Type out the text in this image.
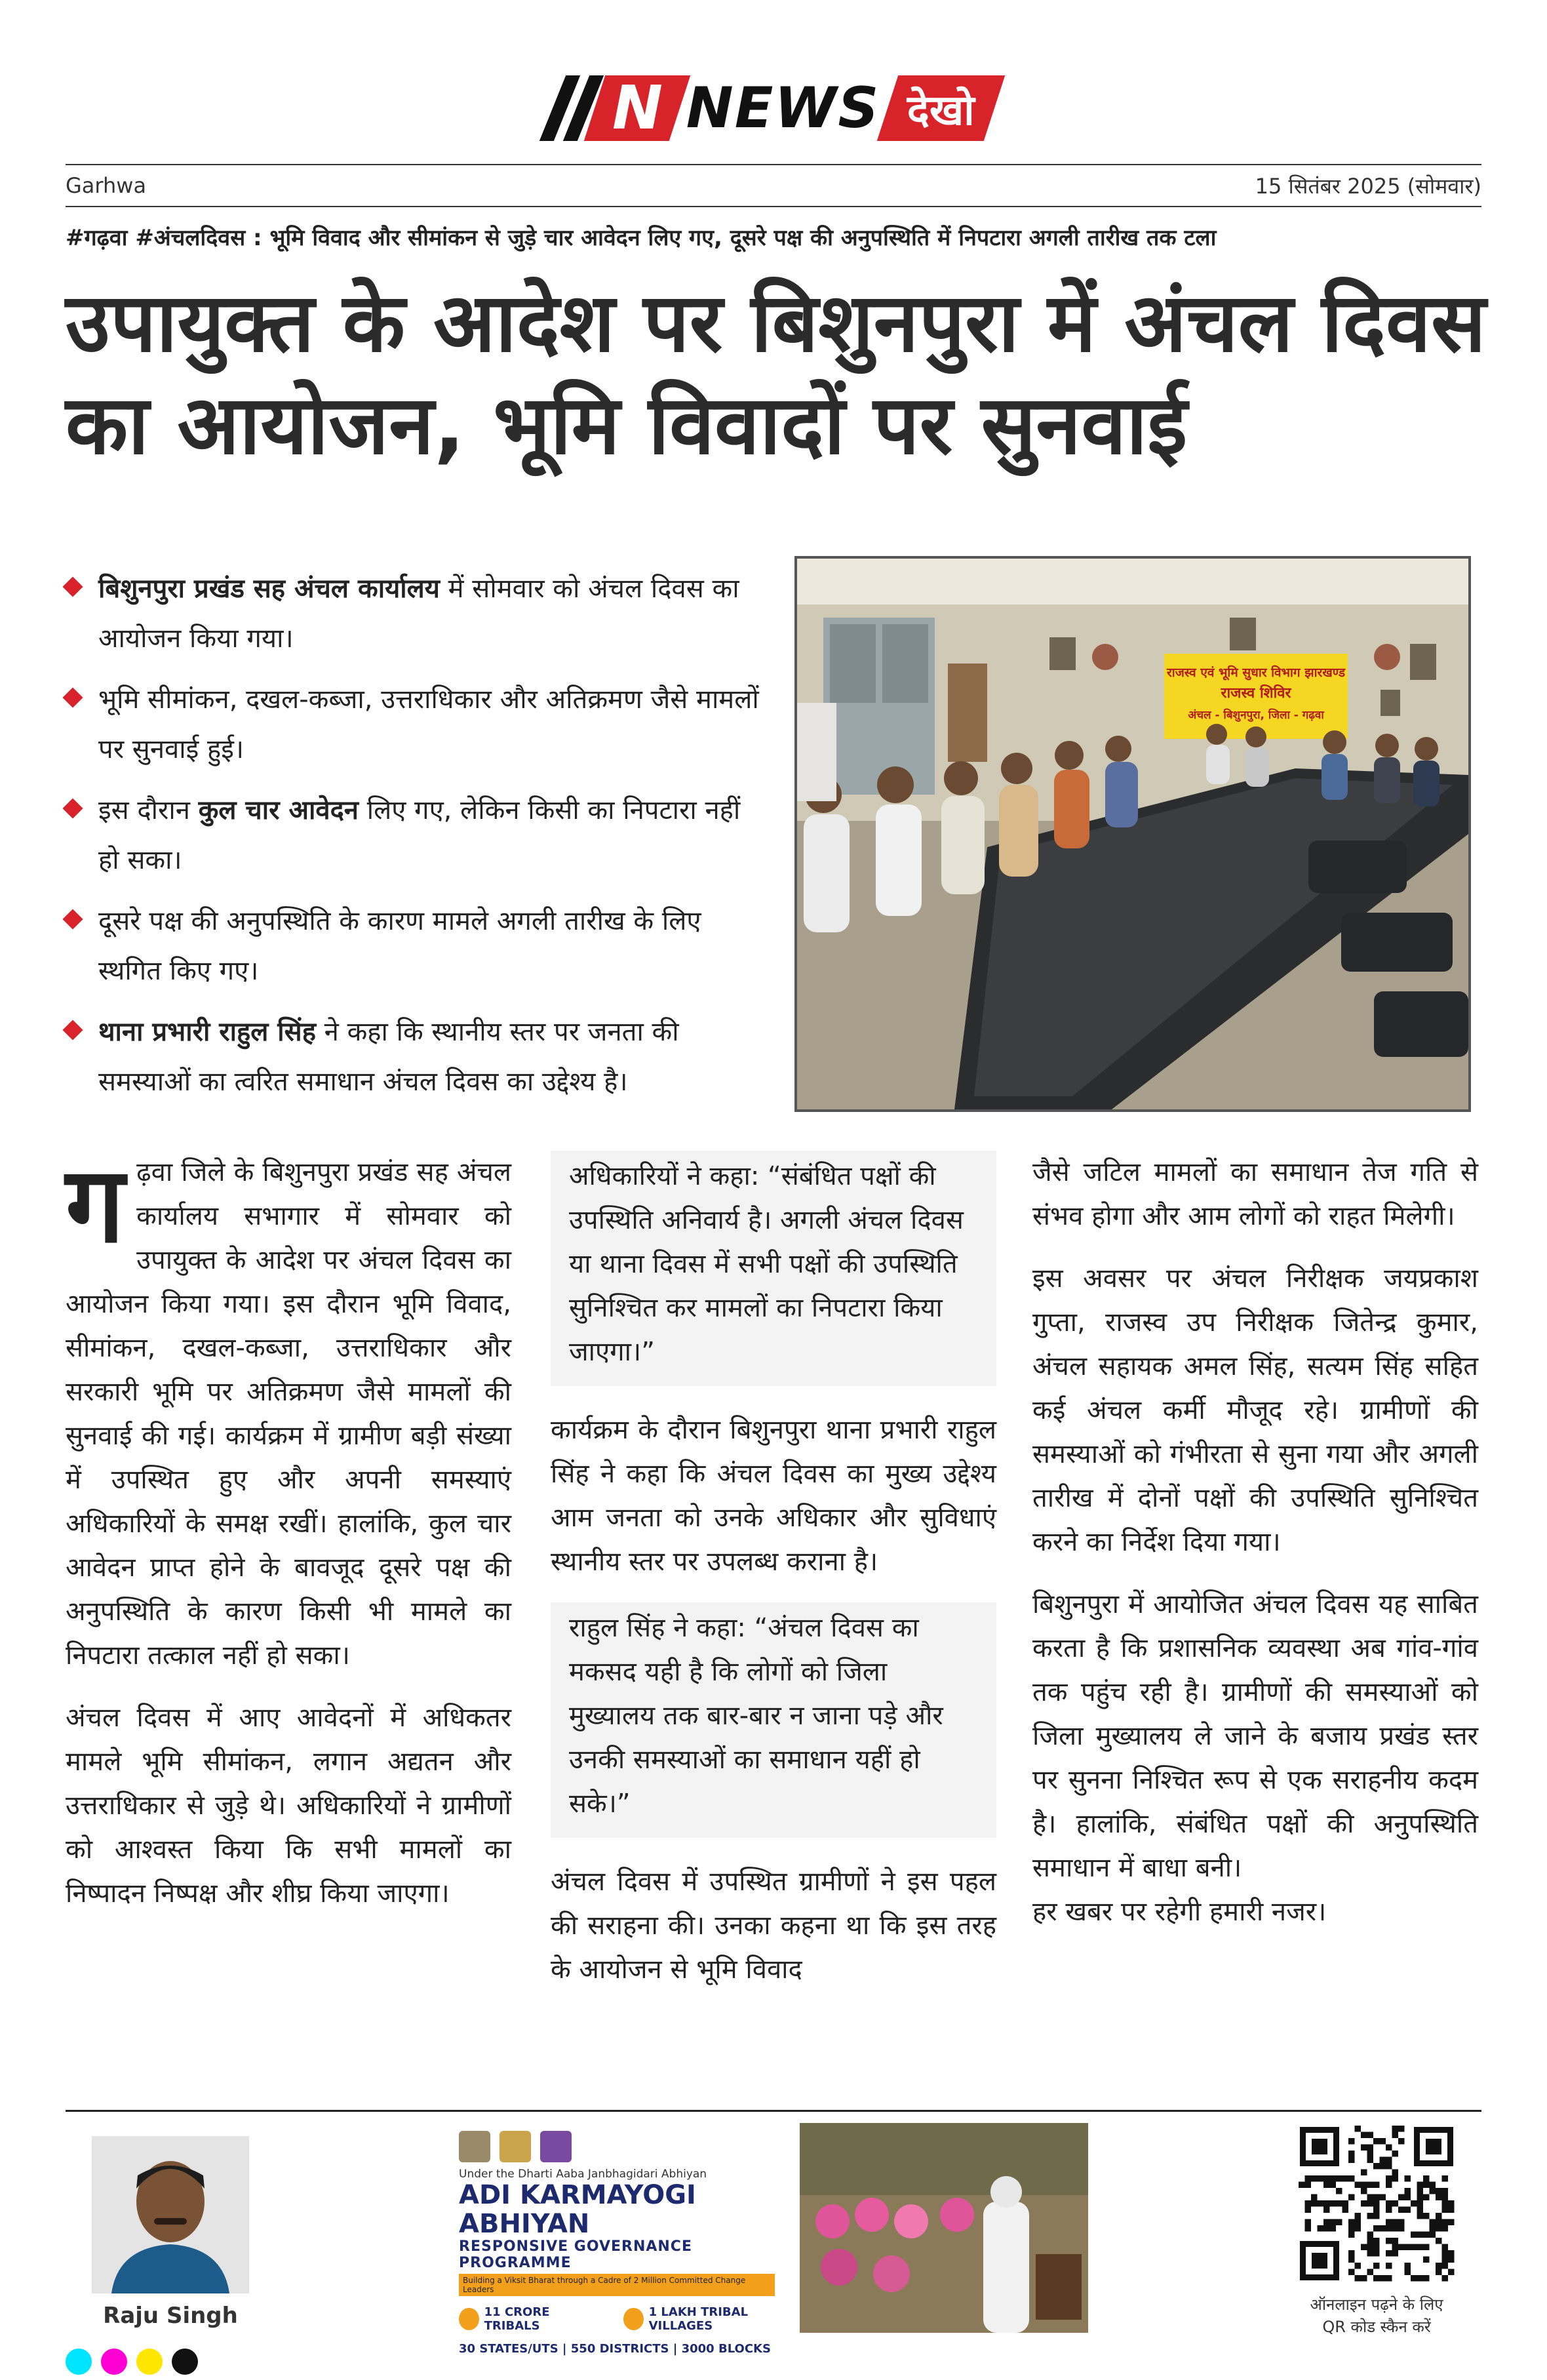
N NEWS देखो
Garhwa	15 सितंबर 2025 (सोमवार)
#गढ़वा #अंचलदिवस : भूमि विवाद और सीमांकन से जुड़े चार आवेदन लिए गए, दूसरे पक्ष की अनुपस्थिति में निपटारा अगली तारीख तक टला
उपायुक्त के आदेश पर बिशुनपुरा में अंचल दिवस का आयोजन, भूमि विवादों पर सुनवाई
बिशुनपुरा प्रखंड सह अंचल कार्यालय में सोमवार को अंचल दिवस का आयोजन किया गया।
भूमि सीमांकन, दखल-कब्जा, उत्तराधिकार और अतिक्रमण जैसे मामलों पर सुनवाई हुई।
इस दौरान कुल चार आवेदन लिए गए, लेकिन किसी का निपटारा नहीं हो सका।
दूसरे पक्ष की अनुपस्थिति के कारण मामले अगली तारीख के लिए स्थगित किए गए।
थाना प्रभारी राहुल सिंह ने कहा कि स्थानीय स्तर पर जनता की समस्याओं का त्वरित समाधान अंचल दिवस का उद्देश्य है।
राजस्व एवं भूमि सुधार विभाग झारखण्ड
राजस्व शिविर
अंचल - बिशुनपुरा, जिला - गढ़वा

गढ़वा जिले के बिशुनपुरा प्रखंड सह अंचल कार्यालय सभागार में सोमवार को उपायुक्त के आदेश पर अंचल दिवस का आयोजन किया गया। इस दौरान भूमि विवाद, सीमांकन, दखल-कब्जा, उत्तराधिकार और सरकारी भूमि पर अतिक्रमण जैसे मामलों की सुनवाई की गई। कार्यक्रम में ग्रामीण बड़ी संख्या में उपस्थित हुए और अपनी समस्याएं अधिकारियों के समक्ष रखीं। हालांकि, कुल चार आवेदन प्राप्त होने के बावजूद दूसरे पक्ष की अनुपस्थिति के कारण किसी भी मामले का निपटारा तत्काल नहीं हो सका।

अंचल दिवस में आए आवेदनों में अधिकतर मामले भूमि सीमांकन, लगान अद्यतन और उत्तराधिकार से जुड़े थे। अधिकारियों ने ग्रामीणों को आश्वस्त किया कि सभी मामलों का निष्पादन निष्पक्ष और शीघ्र किया जाएगा।

अधिकारियों ने कहा: “संबंधित पक्षों की उपस्थिति अनिवार्य है। अगली अंचल दिवस या थाना दिवस में सभी पक्षों की उपस्थिति सुनिश्चित कर मामलों का निपटारा किया जाएगा।”

कार्यक्रम के दौरान बिशुनपुरा थाना प्रभारी राहुल सिंह ने कहा कि अंचल दिवस का मुख्य उद्देश्य आम जनता को उनके अधिकार और सुविधाएं स्थानीय स्तर पर उपलब्ध कराना है।

राहुल सिंह ने कहा: “अंचल दिवस का मकसद यही है कि लोगों को जिला मुख्यालय तक बार-बार न जाना पड़े और उनकी समस्याओं का समाधान यहीं हो सके।”

अंचल दिवस में उपस्थित ग्रामीणों ने इस पहल की सराहना की। उनका कहना था कि इस तरह के आयोजन से भूमि विवाद

जैसे जटिल मामलों का समाधान तेज गति से संभव होगा और आम लोगों को राहत मिलेगी।

इस अवसर पर अंचल निरीक्षक जयप्रकाश गुप्ता, राजस्व उप निरीक्षक जितेन्द्र कुमार, अंचल सहायक अमल सिंह, सत्यम सिंह सहित कई अंचल कर्मी मौजूद रहे। ग्रामीणों की समस्याओं को गंभीरता से सुना गया और अगली तारीख में दोनों पक्षों की उपस्थिति सुनिश्चित करने का निर्देश दिया गया।

बिशुनपुरा में आयोजित अंचल दिवस यह साबित करता है कि प्रशासनिक व्यवस्था अब गांव-गांव तक पहुंच रही है। ग्रामीणों की समस्याओं को जिला मुख्यालय ले जाने के बजाय प्रखंड स्तर पर सुनना निश्चित रूप से एक सराहनीय कदम है। हालांकि, संबंधित पक्षों की अनुपस्थिति समाधान में बाधा बनी।

हर खबर पर रहेगी हमारी नजर।

Raju Singh
Under the Dharti Aaba Janbhagidari Abhiyan
ADI KARMAYOGI ABHIYAN
RESPONSIVE GOVERNANCE PROGRAMME
Building a Viksit Bharat through a Cadre of 2 Million Committed Change Leaders
11 CRORE TRIBALS
1 LAKH TRIBAL VILLAGES
30 STATES/UTS | 550 DISTRICTS | 3000 BLOCKS
ऑनलाइन पढ़ने के लिए
QR कोड स्कैन करें
